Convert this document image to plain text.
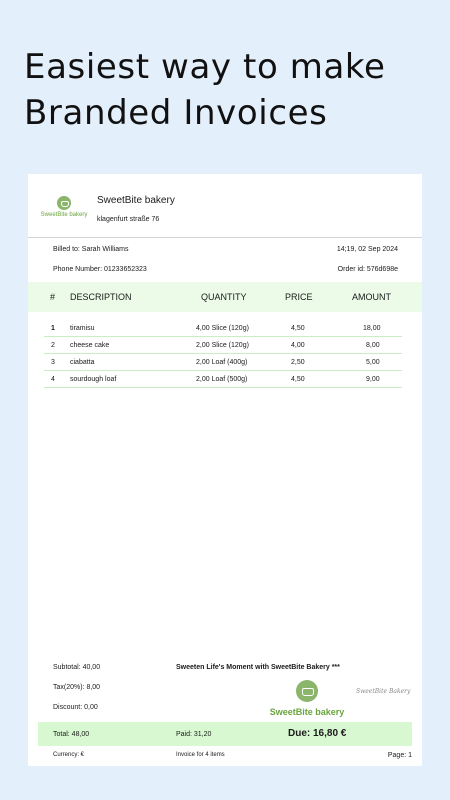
Easiest way to make
Branded Invoices
SweetBite bakery
SweetBite bakery
klagenfurt straße 76
Billed to: Sarah Williams	14;19, 02 Sep 2024
Phone Number: 01233652323	Order id: 576d698e
# DESCRIPTION	QUANTITY	PRICE	AMOUNT
1 tiramisu	4,00 Slice (120g)	4,50	18,00
2 cheese cake	2,00 Slice (120g)	4,00	8,00
3 ciabatta	2,00 Loaf (400g)	2,50	5,00
4 sourdough loaf	2,00 Loaf (500g)	4,50	9,00
Subtotal: 40,00
Tax(20%): 8,00
Discount: 0,00
Sweeten Life's Moment with SweetBite Bakery ***
SweetBite bakery
SweetBite Bakery
Total: 48,00	Paid: 31,20	Due: 16,80 €
Currency: €	Invoice for 4 items	Page: 1
